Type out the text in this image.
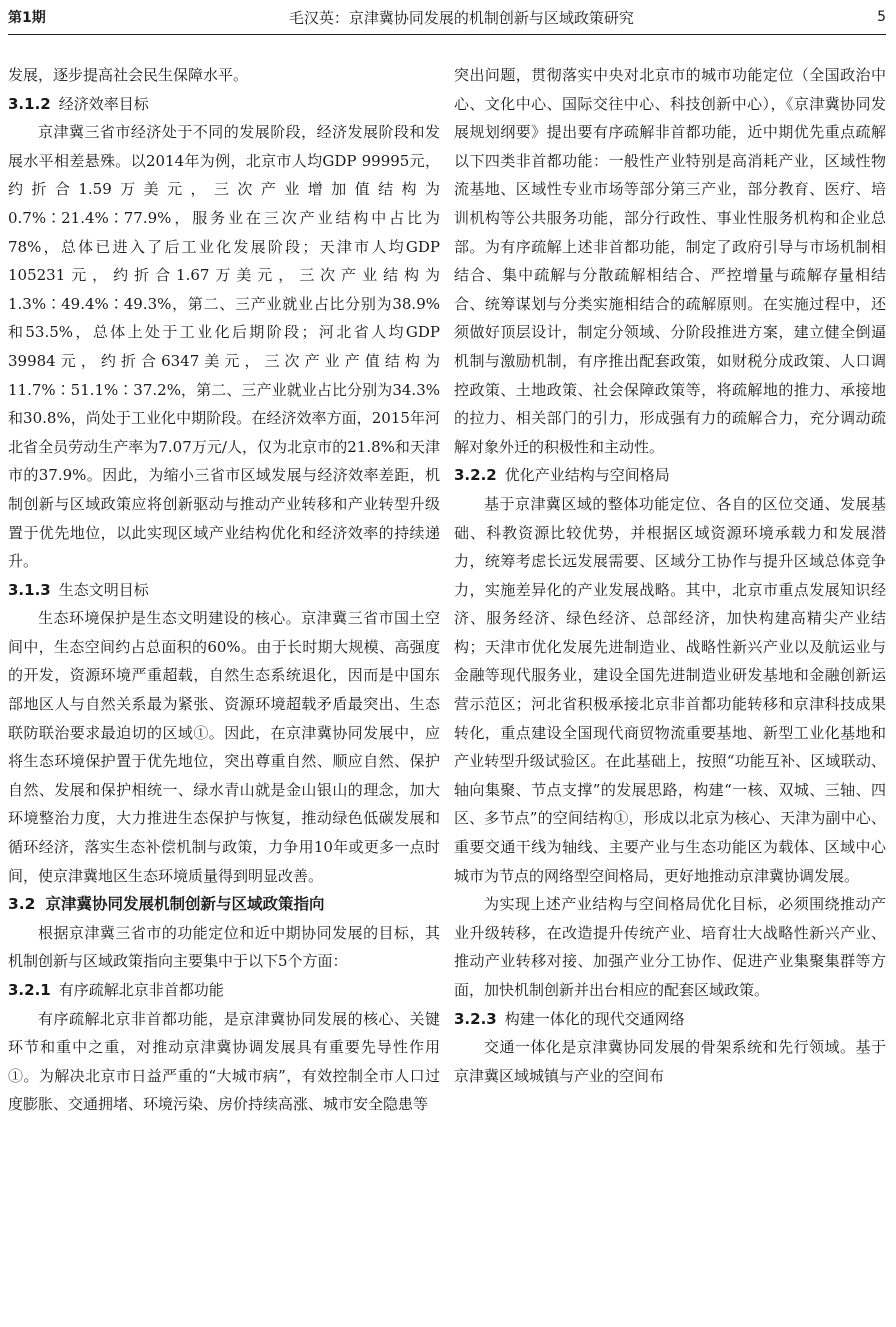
第1期	毛汉英：京津冀协同发展的机制创新与区域政策研究	5

发展，逐步提高社会民生保障水平。

3.1.2 经济效率目标

京津冀三省市经济处于不同的发展阶段，经济发展阶段和发展水平相差悬殊。以2014年为例，北京市人均GDP 99995元，约折合1.59万美元，三次产业增加值结构为0.7%∶21.4%∶77.9%，服务业在三次产业结构中占比为78%，总体已进入了后工业化发展阶段；天津市人均GDP 105231元，约折合1.67万美元，三次产业结构为1.3%∶49.4%∶49.3%，第二、三产业就业占比分别为38.9%和53.5%，总体上处于工业化后期阶段；河北省人均GDP 39984元，约折合6347美元，三次产业产值结构为11.7%∶51.1%∶37.2%，第二、三产业就业占比分别为34.3%和30.8%，尚处于工业化中期阶段。在经济效率方面，2015年河北省全员劳动生产率为7.07万元/人，仅为北京市的21.8%和天津市的37.9%。因此，为缩小三省市区域发展与经济效率差距，机制创新与区域政策应将创新驱动与推动产业转移和产业转型升级置于优先地位，以此实现区域产业结构优化和经济效率的持续递升。

3.1.3 生态文明目标

生态环境保护是生态文明建设的核心。京津冀三省市国土空间中，生态空间约占总面积的60%。由于长时期大规模、高强度的开发，资源环境严重超载，自然生态系统退化，因而是中国东部地区人与自然关系最为紧张、资源环境超载矛盾最突出、生态联防联治要求最迫切的区域①。因此，在京津冀协同发展中，应将生态环境保护置于优先地位，突出尊重自然、顺应自然、保护自然、发展和保护相统一、绿水青山就是金山银山的理念，加大环境整治力度，大力推进生态保护与恢复，推动绿色低碳发展和循环经济，落实生态补偿机制与政策，力争用10年或更多一点时间，使京津冀地区生态环境质量得到明显改善。

3.2 京津冀协同发展机制创新与区域政策指向

根据京津冀三省市的功能定位和近中期协同发展的目标，其机制创新与区域政策指向主要集中于以下5个方面：

3.2.1 有序疏解北京非首都功能

有序疏解北京非首都功能，是京津冀协同发展的核心、关键环节和重中之重，对推动京津冀协调发展具有重要先导性作用①。为解决北京市日益严重的“大城市病”，有效控制全市人口过度膨胀、交通拥堵、环境污染、房价持续高涨、城市安全隐患等

突出问题，贯彻落实中央对北京市的城市功能定位（全国政治中心、文化中心、国际交往中心、科技创新中心），《京津冀协同发展规划纲要》提出要有序疏解非首都功能，近中期优先重点疏解以下四类非首都功能：一般性产业特别是高消耗产业，区域性物流基地、区域性专业市场等部分第三产业，部分教育、医疗、培训机构等公共服务功能，部分行政性、事业性服务机构和企业总部。为有序疏解上述非首都功能，制定了政府引导与市场机制相结合、集中疏解与分散疏解相结合、严控增量与疏解存量相结合、统筹谋划与分类实施相结合的疏解原则。在实施过程中，还须做好顶层设计，制定分领域、分阶段推进方案，建立健全倒逼机制与激励机制，有序推出配套政策，如财税分成政策、人口调控政策、土地政策、社会保障政策等，将疏解地的推力、承接地的拉力、相关部门的引力，形成强有力的疏解合力，充分调动疏解对象外迁的积极性和主动性。

3.2.2 优化产业结构与空间格局

基于京津冀区域的整体功能定位、各自的区位交通、发展基础、科教资源比较优势，并根据区域资源环境承载力和发展潜力，统筹考虑长远发展需要、区域分工协作与提升区域总体竞争力，实施差异化的产业发展战略。其中，北京市重点发展知识经济、服务经济、绿色经济、总部经济，加快构建高精尖产业结构；天津市优化发展先进制造业、战略性新兴产业以及航运业与金融等现代服务业，建设全国先进制造业研发基地和金融创新运营示范区；河北省积极承接北京非首都功能转移和京津科技成果转化，重点建设全国现代商贸物流重要基地、新型工业化基地和产业转型升级试验区。在此基础上，按照“功能互补、区域联动、轴向集聚、节点支撑”的发展思路，构建“一核、双城、三轴、四区、多节点”的空间结构①，形成以北京为核心、天津为副中心、重要交通干线为轴线、主要产业与生态功能区为载体、区域中心城市为节点的网络型空间格局，更好地推动京津冀协调发展。

为实现上述产业结构与空间格局优化目标，必须围绕推动产业升级转移，在改造提升传统产业、培育壮大战略性新兴产业、推动产业转移对接、加强产业分工协作、促进产业集聚集群等方面，加快机制创新并出台相应的配套区域政策。

3.2.3 构建一体化的现代交通网络

交通一体化是京津冀协同发展的骨架系统和先行领域。基于京津冀区域城镇与产业的空间布
